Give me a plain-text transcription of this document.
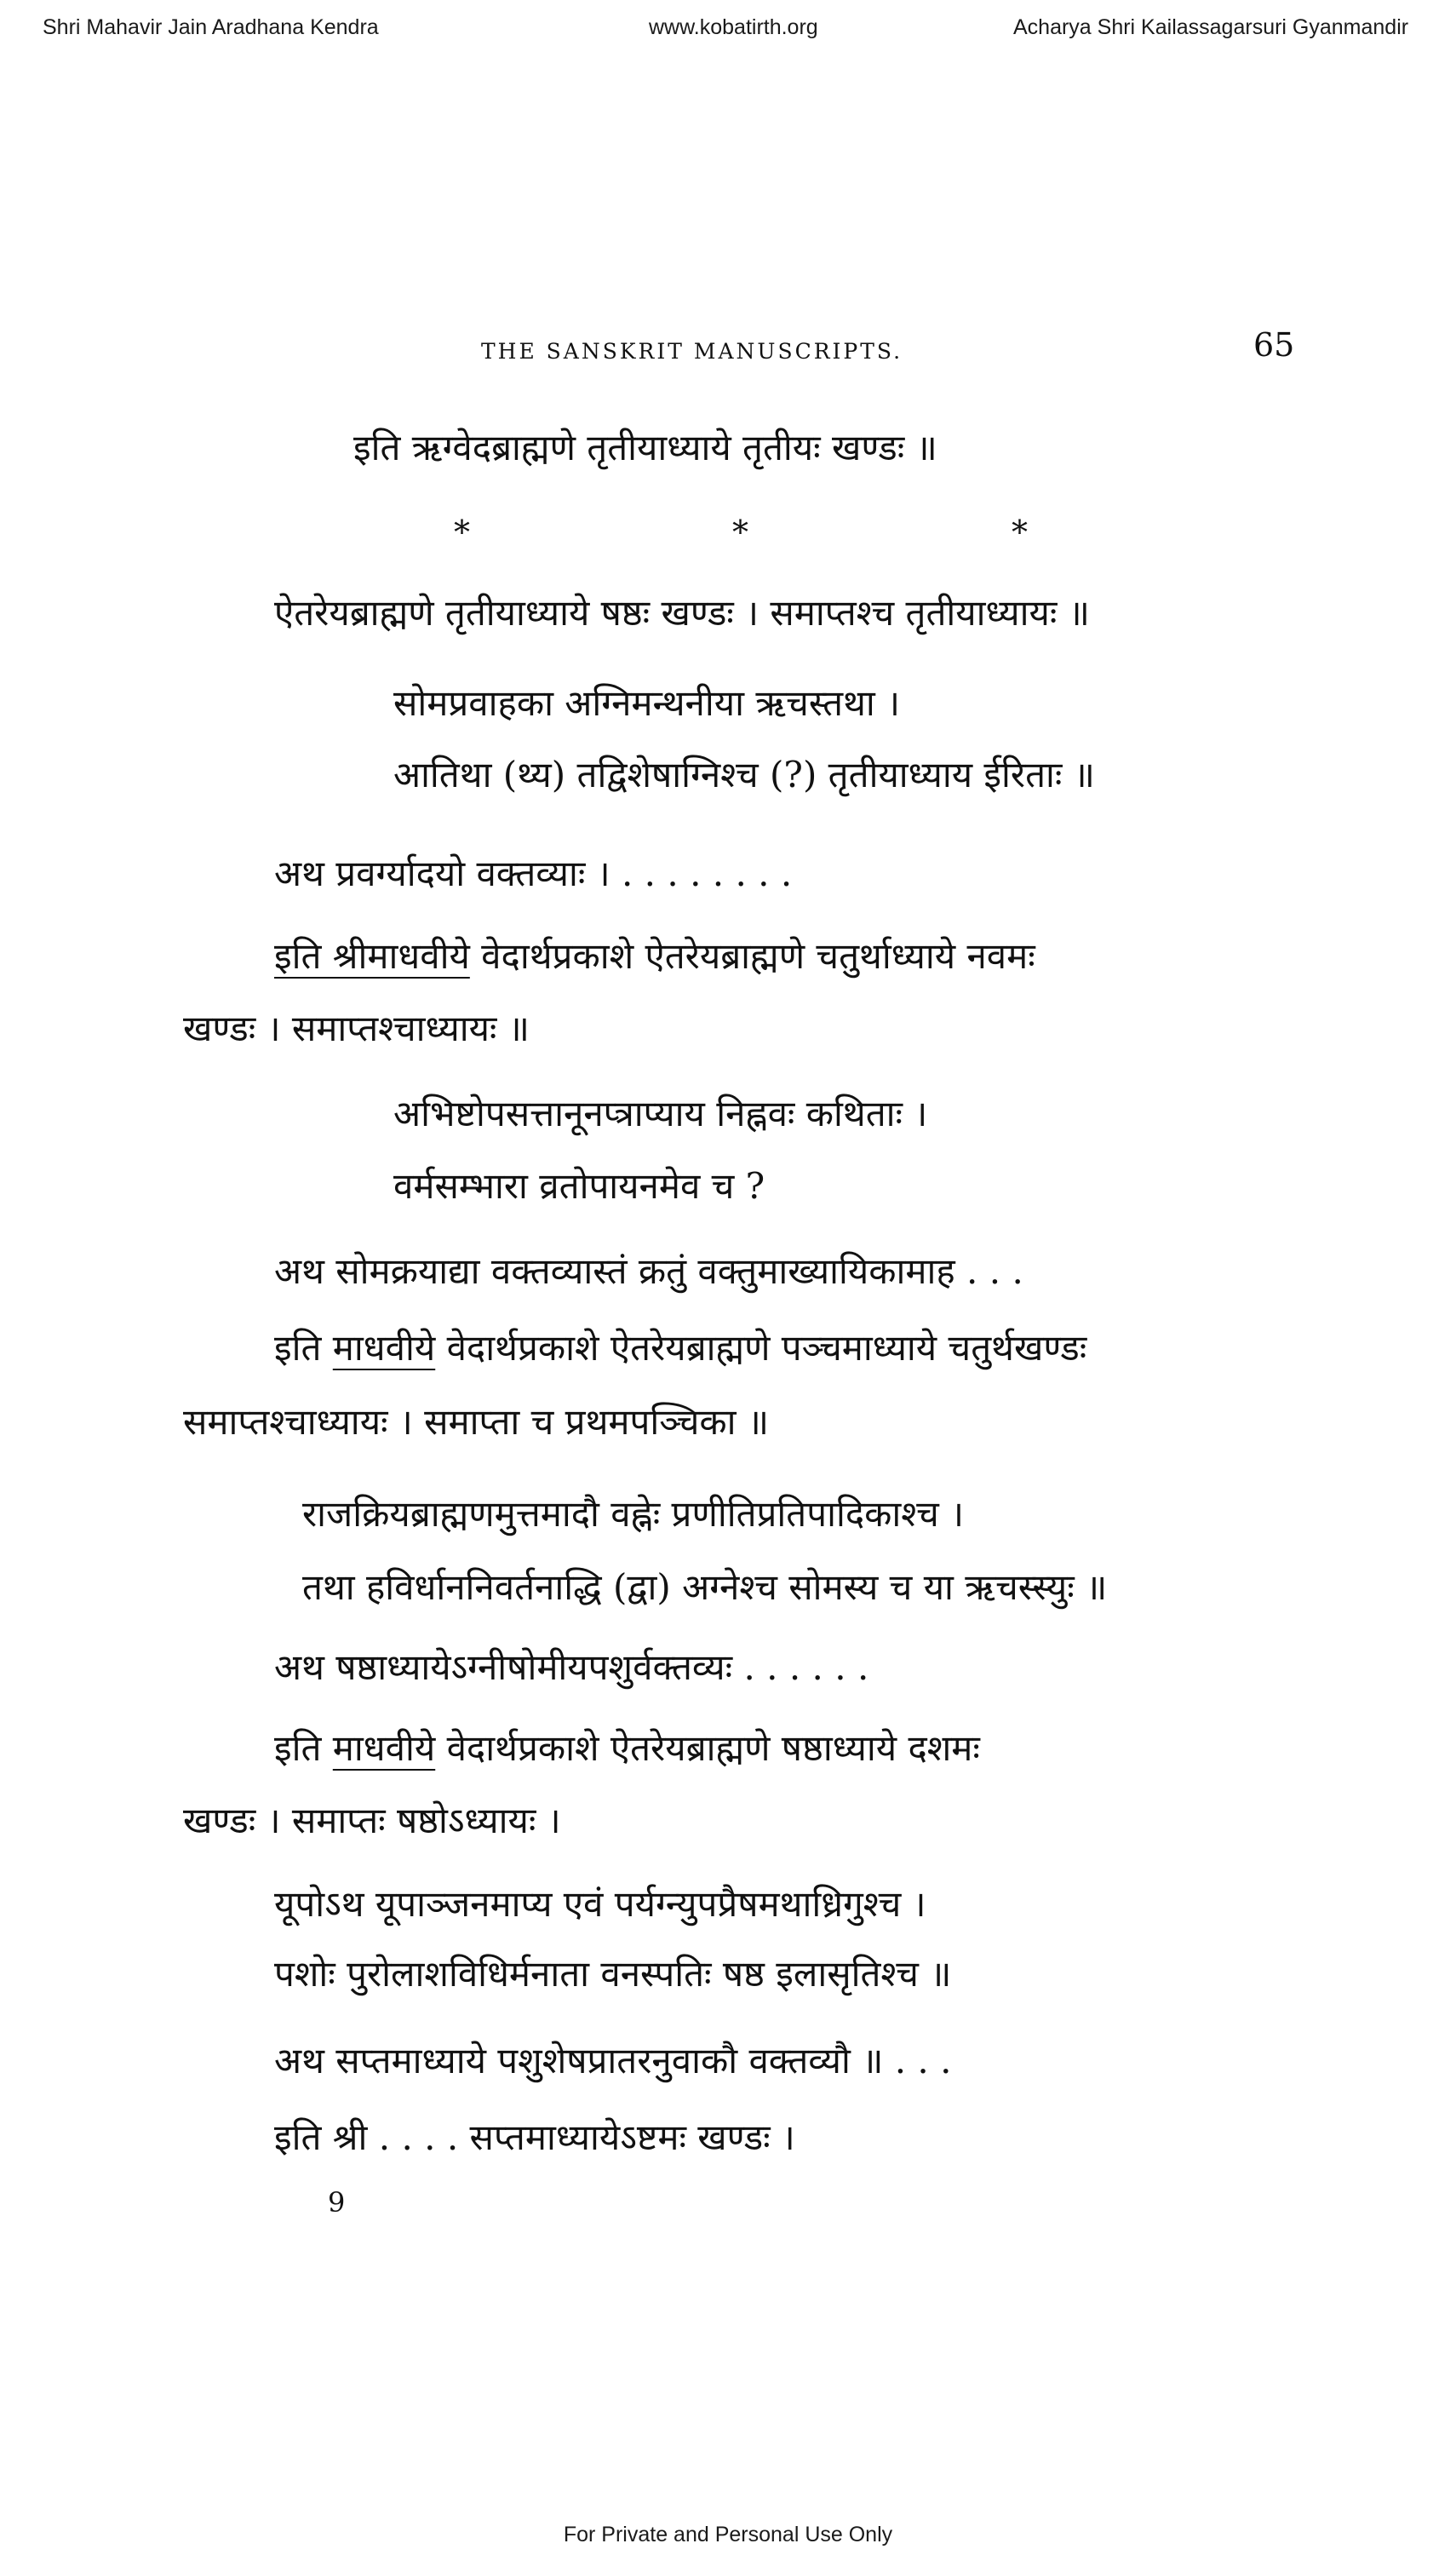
Shri Mahavir Jain Aradhana Kendra	www.kobatirth.org	Acharya Shri Kailassagarsuri Gyanmandir
THE SANSKRIT MANUSCRIPTS.	65
इति ऋग्वेदब्राह्मणे तृतीयाध्याये तृतीयः खण्डः ॥
*	*	*
ऐतरेयब्राह्मणे तृतीयाध्याये षष्ठः खण्डः । समाप्तश्च तृतीयाध्यायः ॥
सोमप्रवाहका अग्निमन्थनीया ऋचस्तथा ।
आतिथा (थ्य) तद्विशेषाग्निश्च (?) तृतीयाध्याय ईरिताः ॥
अथ प्रवर्ग्यादयो वक्तव्याः । . . . . . . . .
इति श्रीमाधवीये वेदार्थप्रकाशे ऐतरेयब्राह्मणे चतुर्थाध्याये नवमः
खण्डः । समाप्तश्चाध्यायः ॥
अभिष्टोपसत्तानूनप्त्राप्याय निह्नवः कथिताः ।
वर्मसम्भारा व्रतोपायनमेव च ?
अथ सोमक्रयाद्या वक्तव्यास्तं क्रतुं वक्तुमाख्यायिकामाह . . .
इति माधवीये वेदार्थप्रकाशे ऐतरेयब्राह्मणे पञ्चमाध्याये चतुर्थखण्डः
समाप्तश्चाध्यायः । समाप्ता च प्रथमपञ्चिका ॥
राजक्रियब्राह्मणमुत्तमादौ वह्नेः प्रणीतिप्रतिपादिकाश्च ।
तथा हविर्धाननिवर्तनाद्धि (द्वा) अग्नेश्च सोमस्य च या ऋचस्स्युः ॥
अथ षष्ठाध्यायेऽग्नीषोमीयपशुर्वक्तव्यः . . . . . .
इति माधवीये वेदार्थप्रकाशे ऐतरेयब्राह्मणे षष्ठाध्याये दशमः
खण्डः । समाप्तः षष्ठोऽध्यायः ।
यूपोऽथ यूपाञ्जनमाप्य एवं पर्यग्न्युपप्रैषमथाध्रिगुश्च ।
पशोः पुरोलाशविधिर्मनाता वनस्पतिः षष्ठ इलासृतिश्च ॥
अथ सप्तमाध्याये पशुशेषप्रातरनुवाकौ वक्तव्यौ ॥ . . .
इति श्री . . . . सप्तमाध्यायेऽष्टमः खण्डः ।
9
For Private and Personal Use Only
